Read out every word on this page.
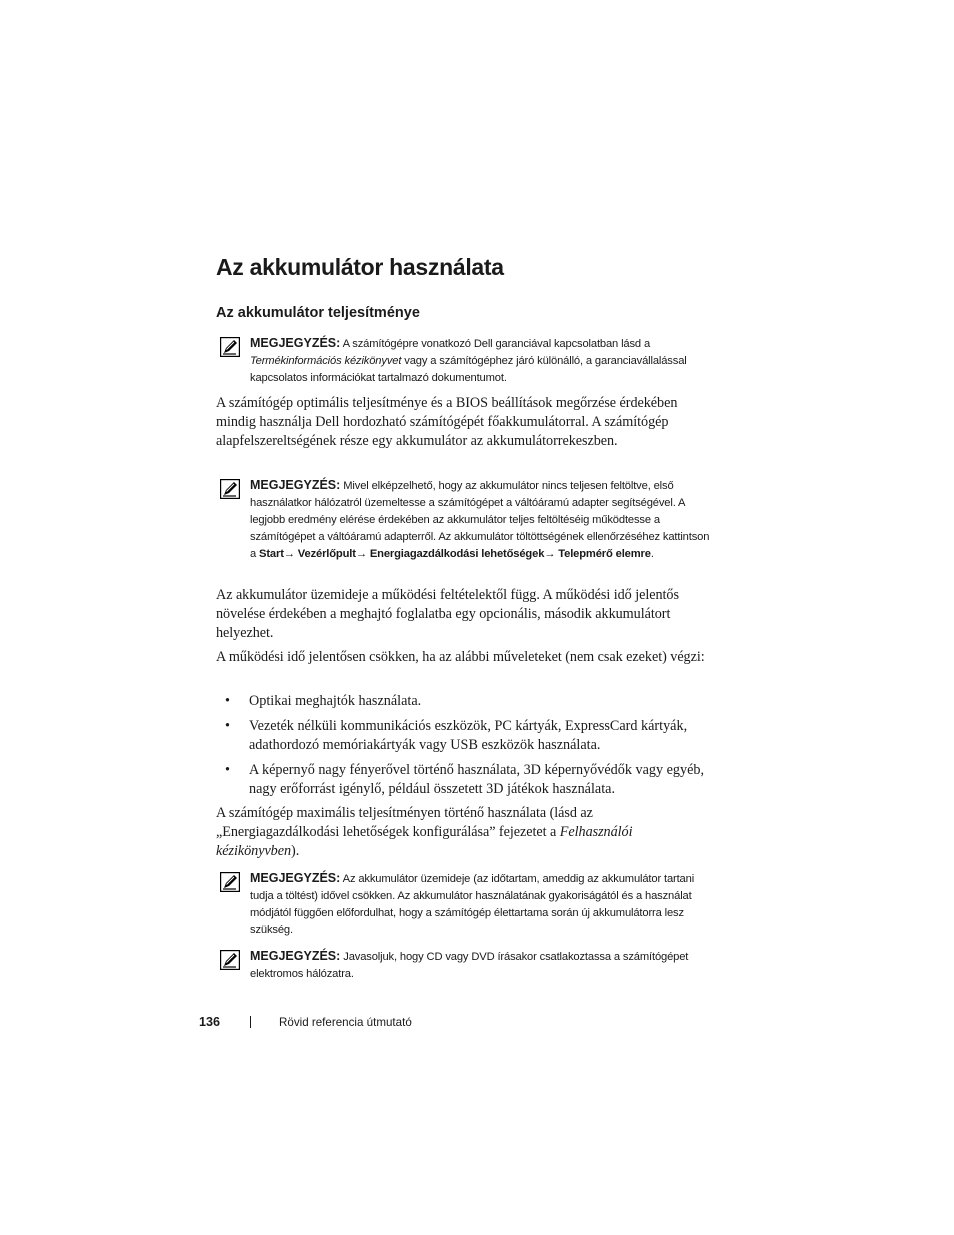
Az akkumulátor használata
Az akkumulátor teljesítménye
MEGJEGYZÉS: A számítógépre vonatkozó Dell garanciával kapcsolatban lásd a Termékinformációs kézikönyvet vagy a számítógéphez járó különálló, a garanciavállalással kapcsolatos információkat tartalmazó dokumentumot.

A számítógép optimális teljesítménye és a BIOS beállítások megőrzése érdekében mindig használja Dell hordozható számítógépét főakkumulátorral. A számítógép alapfelszereltségének része egy akkumulátor az akkumulátorrekeszben.

MEGJEGYZÉS: Mivel elképzelhető, hogy az akkumulátor nincs teljesen feltöltve, első használatkor hálózatról üzemeltesse a számítógépet a váltóáramú adapter segítségével. A legjobb eredmény elérése érdekében az akkumulátor teljes feltöltéséig működtesse a számítógépet a váltóáramú adapterről. Az akkumulátor töltöttségének ellenőrzéséhez kattintson a Start→ Vezérlőpult→ Energiagazdálkodási lehetőségek→ Telepmérő elemre.

Az akkumulátor üzemideje a működési feltételektől függ. A működési idő jelentős növelése érdekében a meghajtó foglalatba egy opcionális, második akkumulátort helyezhet.

A működési idő jelentősen csökken, ha az alábbi műveleteket (nem csak ezeket) végzi:

• Optikai meghajtók használata.
• Vezeték nélküli kommunikációs eszközök, PC kártyák, ExpressCard kártyák, adathordozó memóriakártyák vagy USB eszközök használata.
• A képernyő nagy fényerővel történő használata, 3D képernyővédők vagy egyéb, nagy erőforrást igénylő, például összetett 3D játékok használata.

A számítógép maximális teljesítményen történő használata (lásd az „Energiagazdálkodási lehetőségek konfigurálása” fejezetet a Felhasználói kézikönyvben).

MEGJEGYZÉS: Az akkumulátor üzemideje (az időtartam, ameddig az akkumulátor tartani tudja a töltést) idővel csökken. Az akkumulátor használatának gyakoriságától és a használat módjától függően előfordulhat, hogy a számítógép élettartama során új akkumulátorra lesz szükség.
MEGJEGYZÉS: Javasoljuk, hogy CD vagy DVD írásakor csatlakoztassa a számítógépet elektromos hálózatra.
136	Rövid referencia útmutató
